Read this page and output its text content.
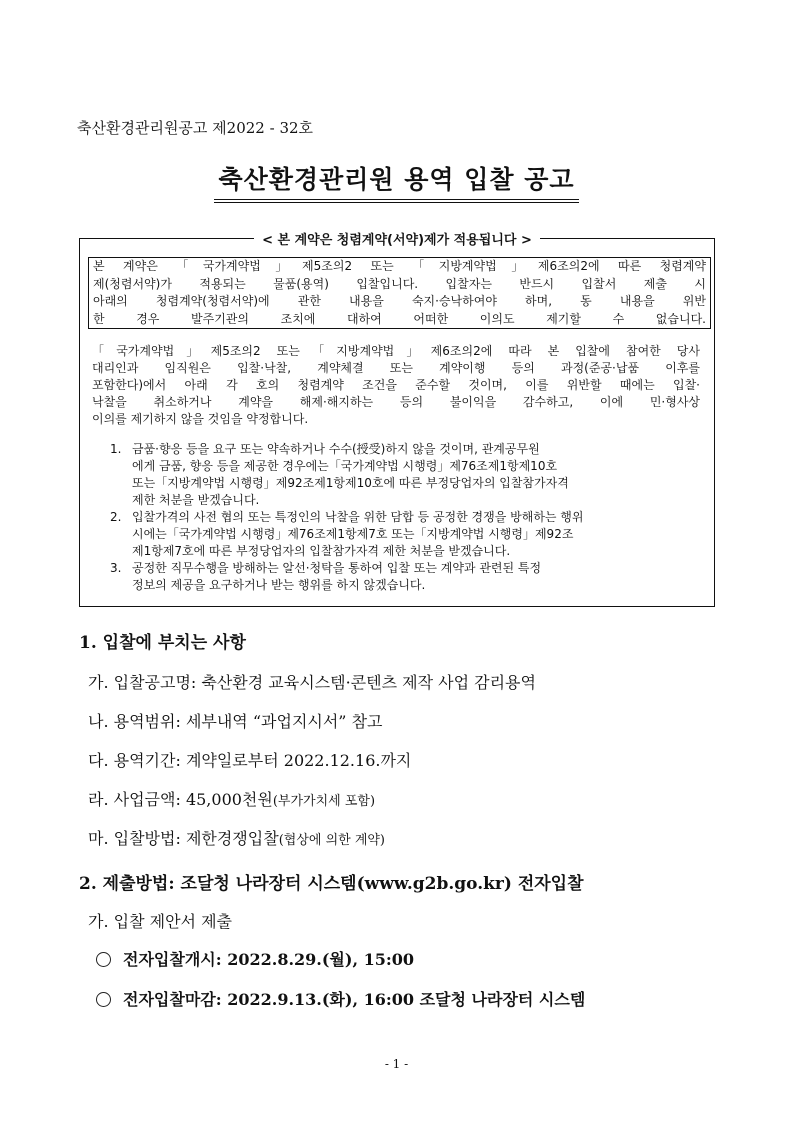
축산환경관리원공고 제2022 - 32호
축산환경관리원 용역 입찰 공고
< 본 계약은 청렴계약(서약)제가 적용됩니다 >
본 계약은 「국가계약법」제5조의2 또는 「지방계약법」제6조의2에 따른 청렴계약
제(청렴서약)가 적용되는 물품(용역) 입찰입니다. 입찰자는 반드시 입찰서 제출 시
아래의 청렴계약(청렴서약)에 관한 내용을 숙지·승낙하여야 하며, 동 내용을 위반
한 경우 발주기관의 조치에 대하여 어떠한 이의도 제기할 수 없습니다.
「국가계약법」제5조의2 또는「지방계약법」제6조의2에 따라 본 입찰에 참여한 당사
대리인과 임직원은 입찰·낙찰, 계약체결 또는 계약이행 등의 과정(준공·납품 이후를
포함한다)에서 아래 각 호의 청렴계약 조건을 준수할 것이며, 이를 위반할 때에는 입찰·
낙찰을 취소하거나 계약을 해제·해지하는 등의 불이익을 감수하고, 이에 민·형사상
이의를 제기하지 않을 것임을 약정합니다.
1. 금품·향응 등을 요구 또는 약속하거나 수수(授受)하지 않을 것이며, 관계공무원
에게 금품, 향응 등을 제공한 경우에는「국가계약법 시행령」제76조제1항제10호
또는「지방계약법 시행령」제92조제1항제10호에 따른 부정당업자의 입찰참가자격
제한 처분을 받겠습니다.
2. 입찰가격의 사전 협의 또는 특정인의 낙찰을 위한 담합 등 공정한 경쟁을 방해하는 행위
시에는「국가계약법 시행령」제76조제1항제7호 또는「지방계약법 시행령」제92조
제1항제7호에 따른 부정당업자의 입찰참가자격 제한 처분을 받겠습니다.
3. 공정한 직무수행을 방해하는 알선·청탁을 통하여 입찰 또는 계약과 관련된 특정
정보의 제공을 요구하거나 받는 행위를 하지 않겠습니다.
1. 입찰에 부치는 사항
가. 입찰공고명: 축산환경 교육시스템·콘텐츠 제작 사업 감리용역
나. 용역범위: 세부내역 “과업지시서” 참고
다. 용역기간: 계약일로부터 2022.12.16.까지
라. 사업금액: 45,000천원(부가가치세 포함)
마. 입찰방법: 제한경쟁입찰(협상에 의한 계약)
2. 제출방법: 조달청 나라장터 시스템(www.g2b.go.kr) 전자입찰
가. 입찰 제안서 제출
전자입찰개시: 2022.8.29.(월), 15:00
전자입찰마감: 2022.9.13.(화), 16:00 조달청 나라장터 시스템
- 1 -
